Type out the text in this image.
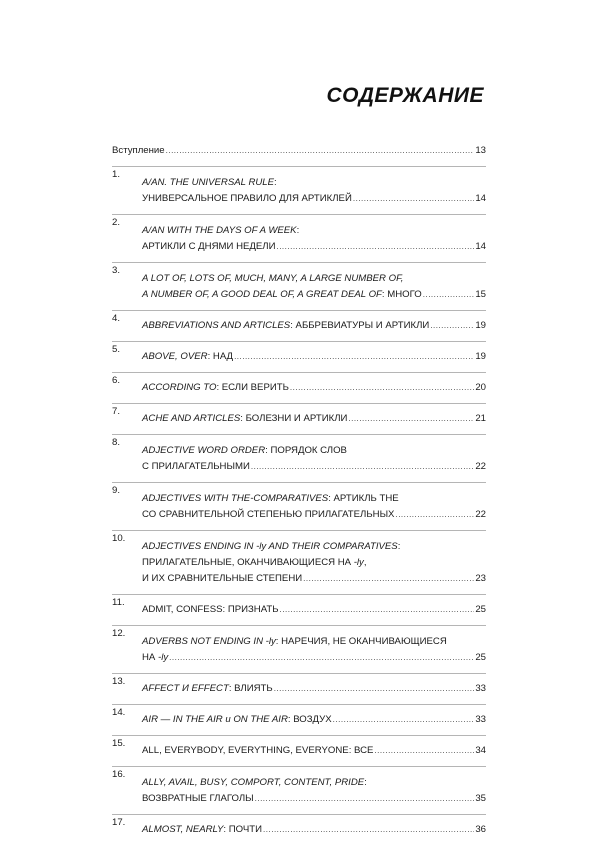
СОДЕРЖАНИЕ
Вступление .....	13
1.
A/AN. THE UNIVERSAL RULE:
УНИВЕРСАЛЬНОЕ ПРАВИЛО ДЛЯ АРТИКЛЕЙ .....	14
2.
A/AN WITH THE DAYS OF A WEEK:
АРТИКЛИ С ДНЯМИ НЕДЕЛИ .....	14
3.
A LOT OF, LOTS OF, MUCH, MANY, A LARGE NUMBER OF,
A NUMBER OF, A GOOD DEAL OF, A GREAT DEAL OF: МНОГО .....	15
4.
ABBREVIATIONS AND ARTICLES: АББРЕВИАТУРЫ И АРТИКЛИ .....	19
5.
ABOVE, OVER: НАД .....	19
6.
ACCORDING TO: ЕСЛИ ВЕРИТЬ .....	20
7.
ACHE AND ARTICLES: БОЛЕЗНИ И АРТИКЛИ .....	21
8.
ADJECTIVE WORD ORDER: ПОРЯДОК СЛОВ
С ПРИЛАГАТЕЛЬНЫМИ .....	22
9.
ADJECTIVES WITH THE-COMPARATIVES: АРТИКЛЬ THE
СО СРАВНИТЕЛЬНОЙ СТЕПЕНЬЮ ПРИЛАГАТЕЛЬНЫХ .....	22
10.
ADJECTIVES ENDING IN -ly AND THEIR COMPARATIVES:
ПРИЛАГАТЕЛЬНЫЕ, ОКАНЧИВАЮЩИЕСЯ НА -ly,
И ИХ СРАВНИТЕЛЬНЫЕ СТЕПЕНИ .....	23
11.
ADMIT, CONFESS: ПРИЗНАТЬ .....	25
12.
ADVERBS NOT ENDING IN -ly: НАРЕЧИЯ, НЕ ОКАНЧИВАЮЩИЕСЯ
НА -ly .....	25
13.
AFFECT И EFFECT: ВЛИЯТЬ .....	33
14.
AIR — IN THE AIR и ON THE AIR: ВОЗДУХ .....	33
15.
ALL, EVERYBODY, EVERYTHING, EVERYONE: ВСЕ .....	34
16.
ALLY, AVAIL, BUSY, COMPORT, CONTENT, PRIDE:
ВОЗВРАТНЫЕ ГЛАГОЛЫ .....	35
17.
ALMOST, NEARLY: ПОЧТИ .....	36
